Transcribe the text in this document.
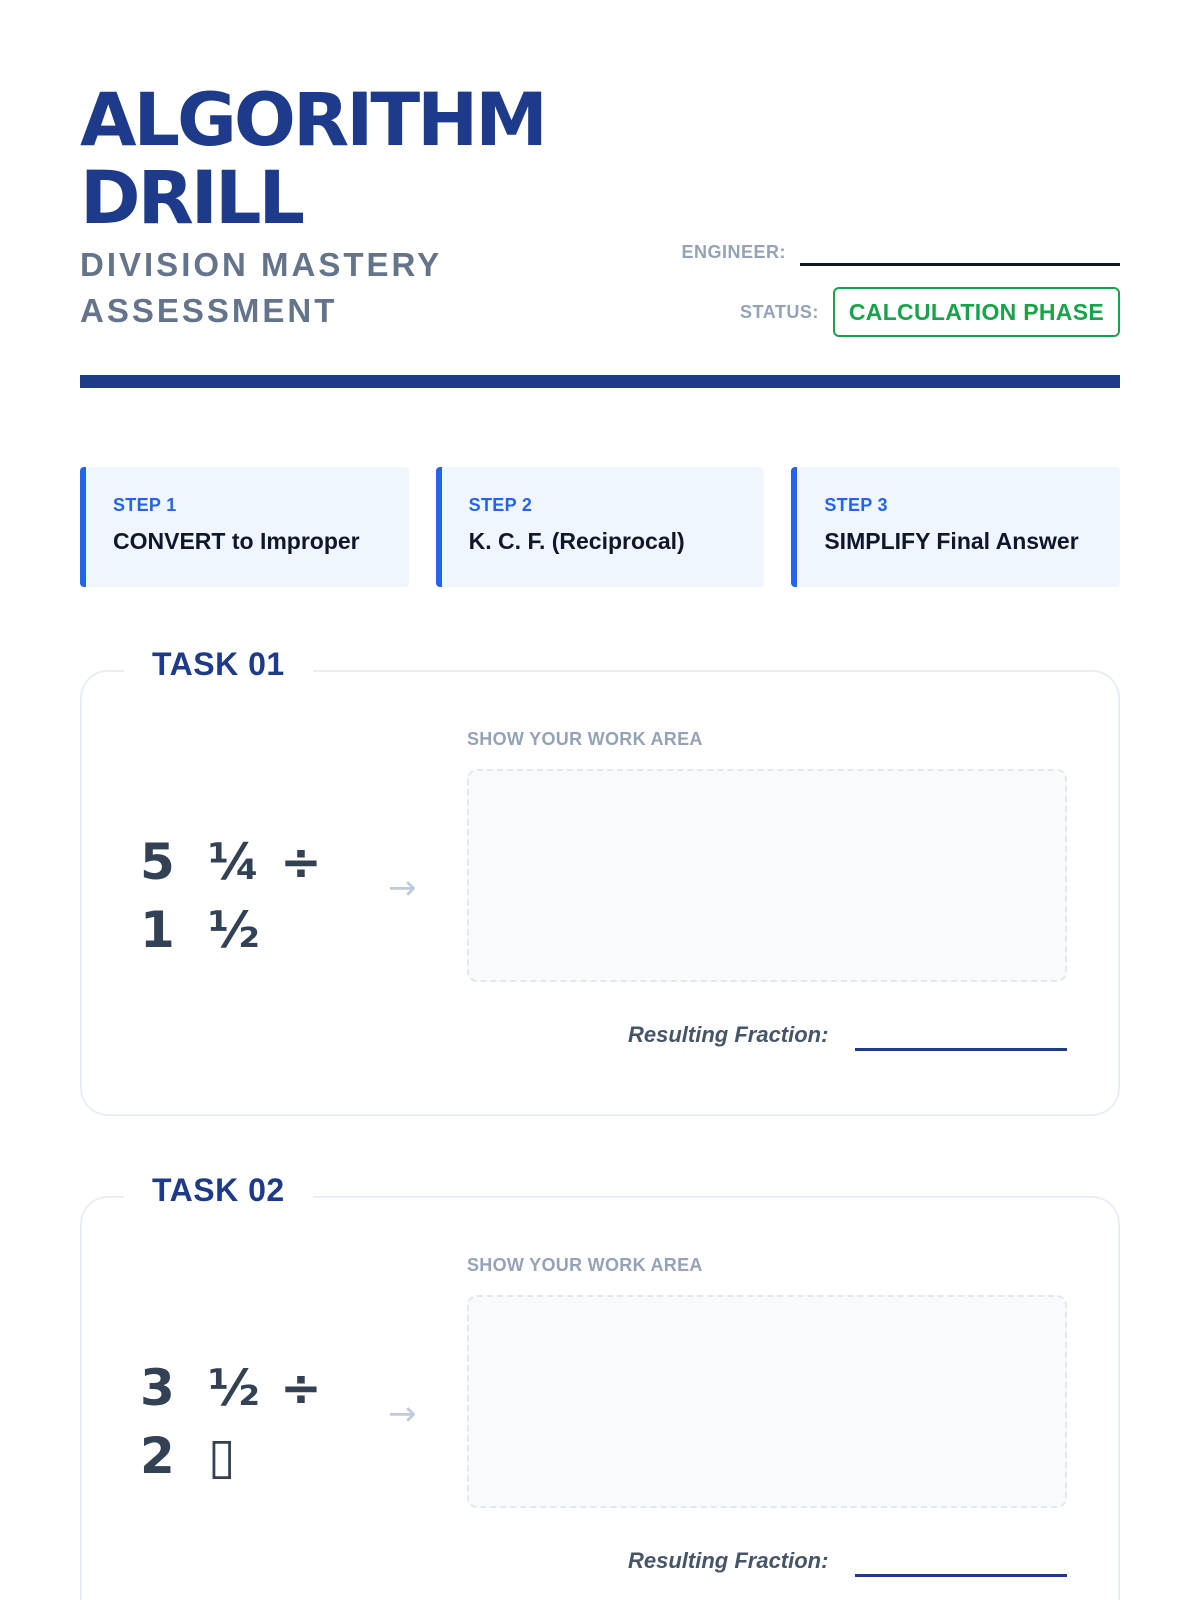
ALGORITHM DRILL
DIVISION MASTERY ASSESSMENT
ENGINEER:
STATUS:	CALCULATION PHASE
STEP 1
CONVERT to Improper
STEP 2
K. C. F. (Reciprocal)
STEP 3
SIMPLIFY Final Answer
TASK 01
5 ¼ ÷
1 ½
→
SHOW YOUR WORK AREA
Resulting Fraction:
TASK 02
3 ½ ÷
2 ▯
→
SHOW YOUR WORK AREA
Resulting Fraction:
